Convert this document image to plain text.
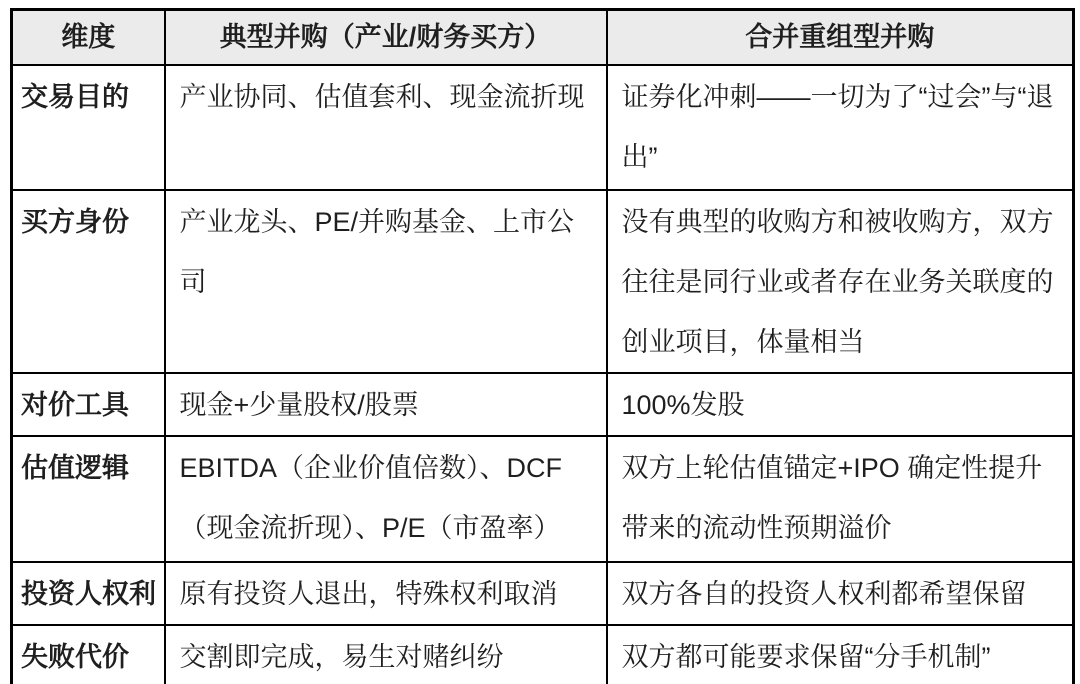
维度	典型并购（产业/财务买方）	合并重组型并购
交易目的	产业协同、估值套利、现金流折现	证券化冲刺——一切为了“过会”与“退出”
买方身份	产业龙头、PE/并购基金、上市公司	没有典型的收购方和被收购方，双方往往是同行业或者存在业务关联度的创业项目，体量相当
对价工具	现金+少量股权/股票	100%发股
估值逻辑	EBITDA（企业价值倍数）、DCF（现金流折现）、P/E（市盈率）	双方上轮估值锚定+IPO 确定性提升带来的流动性预期溢价
投资人权利	原有投资人退出，特殊权利取消	双方各自的投资人权利都希望保留
失败代价	交割即完成，易生对赌纠纷	双方都可能要求保留“分手机制”
